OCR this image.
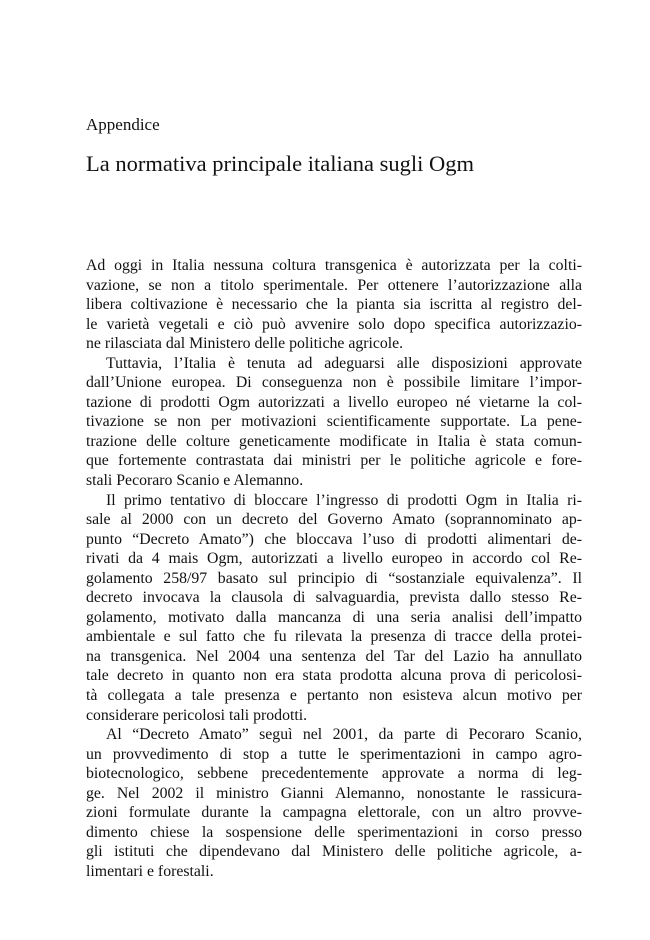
Appendice
La normativa principale italiana sugli Ogm

Ad oggi in Italia nessuna coltura transgenica è autorizzata per la colti-
vazione, se non a titolo sperimentale. Per ottenere l’autorizzazione alla
libera coltivazione è necessario che la pianta sia iscritta al registro del-
le varietà vegetali e ciò può avvenire solo dopo specifica autorizzazio-
ne rilasciata dal Ministero delle politiche agricole.

Tuttavia, l’Italia è tenuta ad adeguarsi alle disposizioni approvate
dall’Unione europea. Di conseguenza non è possibile limitare l’impor-
tazione di prodotti Ogm autorizzati a livello europeo né vietarne la col-
tivazione se non per motivazioni scientificamente supportate. La pene-
trazione delle colture geneticamente modificate in Italia è stata comun-
que fortemente contrastata dai ministri per le politiche agricole e fore-
stali Pecoraro Scanio e Alemanno.

Il primo tentativo di bloccare l’ingresso di prodotti Ogm in Italia ri-
sale al 2000 con un decreto del Governo Amato (soprannominato ap-
punto “Decreto Amato”) che bloccava l’uso di prodotti alimentari de-
rivati da 4 mais Ogm, autorizzati a livello europeo in accordo col Re-
golamento 258/97 basato sul principio di “sostanziale equivalenza”. Il
decreto invocava la clausola di salvaguardia, prevista dallo stesso Re-
golamento, motivato dalla mancanza di una seria analisi dell’impatto
ambientale e sul fatto che fu rilevata la presenza di tracce della protei-
na transgenica. Nel 2004 una sentenza del Tar del Lazio ha annullato
tale decreto in quanto non era stata prodotta alcuna prova di pericolosi-
tà collegata a tale presenza e pertanto non esisteva alcun motivo per
considerare pericolosi tali prodotti.

Al “Decreto Amato” seguì nel 2001, da parte di Pecoraro Scanio,
un provvedimento di stop a tutte le sperimentazioni in campo agro-
biotecnologico, sebbene precedentemente approvate a norma di leg-
ge. Nel 2002 il ministro Gianni Alemanno, nonostante le rassicura-
zioni formulate durante la campagna elettorale, con un altro provve-
dimento chiese la sospensione delle sperimentazioni in corso presso
gli istituti che dipendevano dal Ministero delle politiche agricole, a-
limentari e forestali.
